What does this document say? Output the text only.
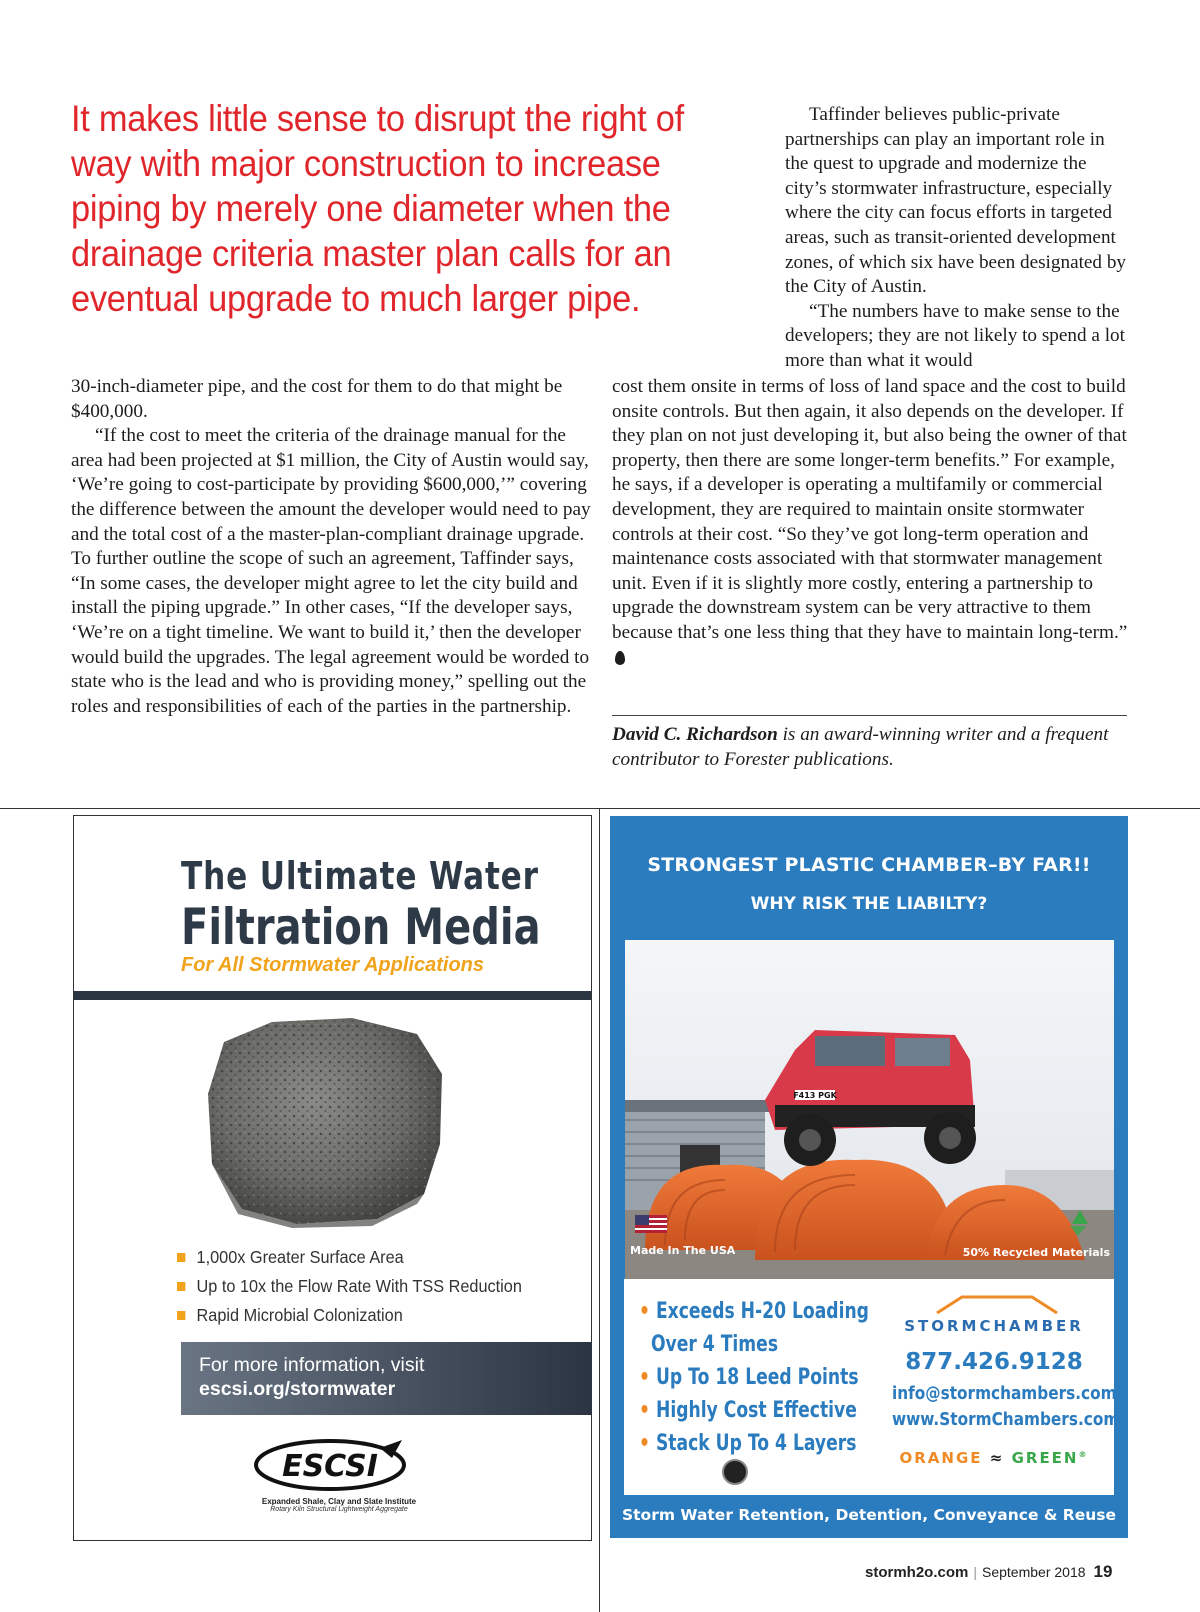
It makes little sense to disrupt the right of way with major construction to increase piping by merely one diameter when the drainage criteria master plan calls for an eventual upgrade to much larger pipe.

Taffinder believes public-private partnerships can play an important role in the quest to upgrade and modernize the city’s stormwater infrastructure, especially where the city can focus efforts in targeted areas, such as transit-oriented development zones, of which six have been designated by the City of Austin.

“The numbers have to make sense to the developers; they are not likely to spend a lot more than what it would

30-inch-diameter pipe, and the cost for them to do that might be $400,000.

“If the cost to meet the criteria of the drainage manual for the area had been projected at $1 million, the City of Austin would say, ‘We’re going to cost-participate by providing $600,000,’” covering the difference between the amount the developer would need to pay and the total cost of a the master-plan-compliant drainage upgrade. To further outline the scope of such an agreement, Taffinder says, “In some cases, the developer might agree to let the city build and install the piping upgrade.” In other cases, “If the developer says, ‘We’re on a tight timeline. We want to build it,’ then the developer would build the upgrades. The legal agreement would be worded to state who is the lead and who is providing money,” spelling out the roles and responsibilities of each of the parties in the partnership.

cost them onsite in terms of loss of land space and the cost to build onsite controls. But then again, it also depends on the developer. If they plan on not just developing it, but also being the owner of that property, then there are some longer-term benefits.” For example, he says, if a developer is operating a multifamily or commercial development, they are required to maintain onsite stormwater controls at their cost. “So they’ve got long-term operation and maintenance costs associated with that stormwater management unit. Even if it is slightly more costly, entering a partnership to upgrade the downstream system can be very attractive to them because that’s one less thing that they have to maintain long-term.”

David C. Richardson is an award-winning writer and a frequent contributor to Forester publications.
The Ultimate Water
Filtration Media
For All Stormwater Applications
1,000x Greater Surface Area
Up to 10x the Flow Rate With TSS Reduction
Rapid Microbial Colonization
For more information, visit
escsi.org/stormwater
ESCSI
Expanded Shale, Clay and Slate Institute
Rotary Kiln Structural Lightweight Aggregate
STRONGEST PLASTIC CHAMBER–BY FAR!!
WHY RISK THE LIABILTY?
F413 PGK
Made In The USA	50% Recycled Materials
• Exceeds H-20 Loading
Over 4 Times
• Up To 18 Leed Points
• Highly Cost Effective
• Stack Up To 4 Layers
STORMCHAMBER
877.426.9128
info@stormchambers.com
www.StormChambers.com
ORANGE ≈ GREEN®
Storm Water Retention, Detention, Conveyance & Reuse
stormh2o.com | September 2018 19
